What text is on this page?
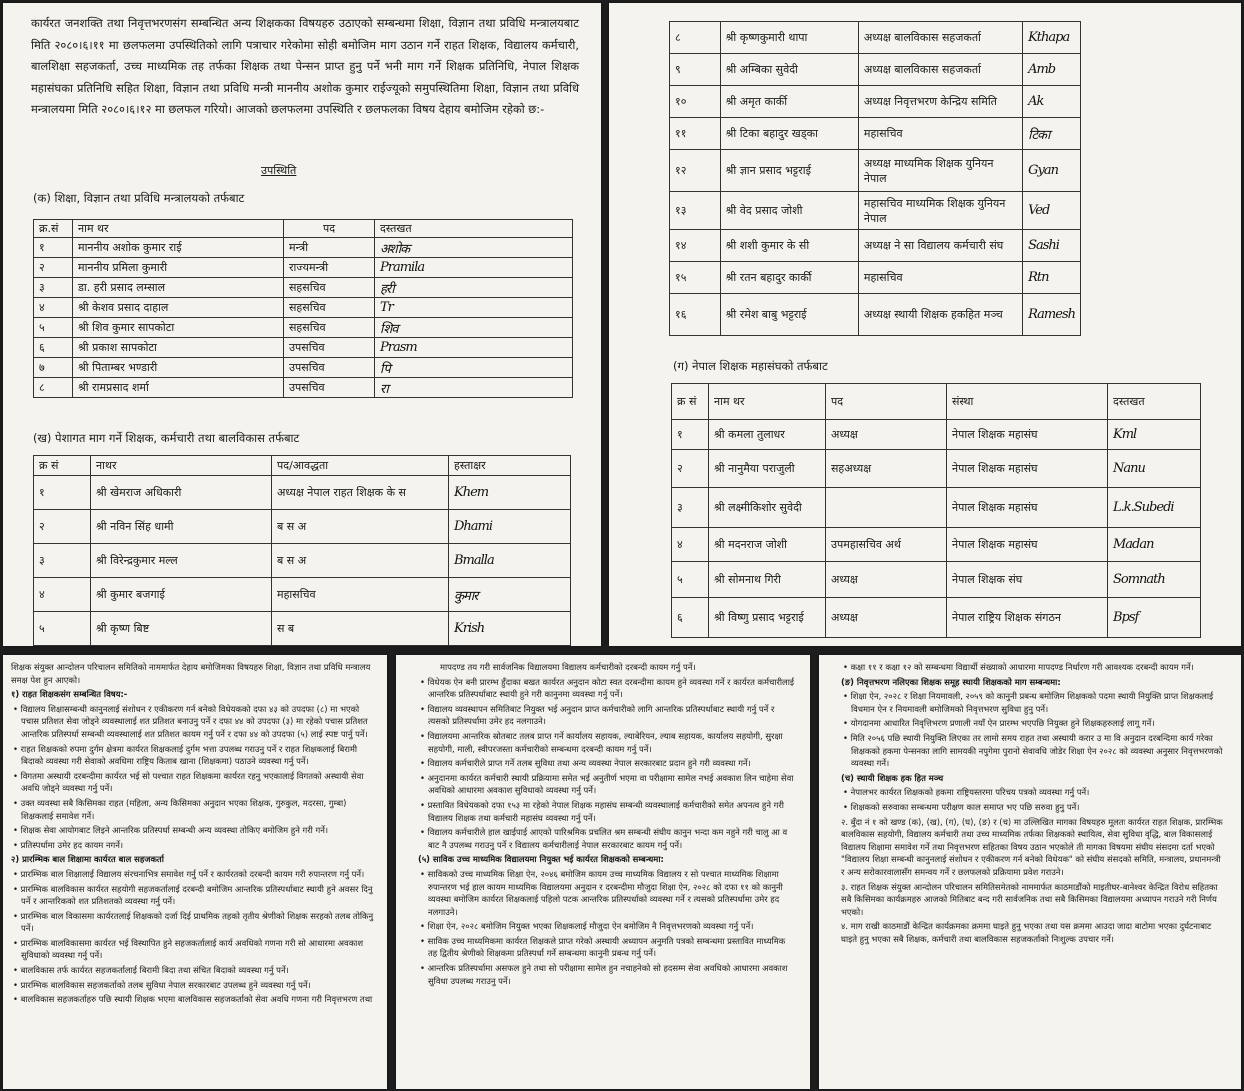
कार्यरत जनशक्ति तथा निवृत्तभरणसंग सम्बन्धित अन्य शिक्षकका विषयहरु उठाएको सम्बन्धमा शिक्षा, विज्ञान तथा प्रविधि मन्त्रालयबाट मिति २०८०।६।११ मा छलफलमा उपस्थितिको लागि पत्राचार गरेकोमा सोही बमोजिम माग उठान गर्ने राहत शिक्षक, विद्यालय कर्मचारी, बालशिक्षा सहजकर्ता, उच्च माध्यमिक तह तर्फका शिक्षक तथा पेन्सन प्राप्त हुनु पर्ने भनी माग गर्ने शिक्षक प्रतिनिधि, नेपाल शिक्षक महासंघका प्रतिनिधि सहित शिक्षा, विज्ञान तथा प्रविधि मन्त्री माननीय अशोक कुमार राईज्यूको समुपस्थितिमा शिक्षा, विज्ञान तथा प्रविधि मन्त्रालयमा मिति २०८०।६।१२ मा छलफल गरियो। आजको छलफलमा उपस्थिति र छलफलका विषय देहाय बमोजिम रहेको छ:-
उपस्थिति
(क) शिक्षा, विज्ञान तथा प्रविधि मन्त्रालयको तर्फबाट
क्र.सं	नाम थर	पद	दस्तखत
१	माननीय अशोक कुमार राई	मन्त्री	अशोक
२	माननीय प्रमिला कुमारी	राज्यमन्त्री	Pramila
३	डा. हरी प्रसाद लम्साल	सहसचिव	हरी
४	श्री केशव प्रसाद दाहाल	सहसचिव	Tr
५	श्री शिव कुमार सापकोटा	सहसचिव	शिव
६	श्री प्रकाश सापकोटा	उपसचिव	Prasm
७	श्री पिताम्बर भण्डारी	उपसचिव	पि
८	श्री रामप्रसाद शर्मा	उपसचिव	रा
(ख) पेशागत माग गर्ने शिक्षक, कर्मचारी तथा बालविकास तर्फबाट
क्र सं	नाथर	पद/आवद्धता	हस्ताक्षर
१	श्री खेमराज अधिकारी	अध्यक्ष नेपाल राहत शिक्षक के स	Khem
२	श्री नविन सिंह धामी	ब स अ	Dhami
३	श्री विरेन्द्रकुमार मल्ल	ब स अ	Bmalla
४	श्री कुमार बजगाई	महासचिव	कुमार
५	श्री कृष्ण बिष्ट	स ब	Krish
८	श्री कृष्णकुमारी थापा	अध्यक्ष बालविकास सहजकर्ता	Kthapa
९	श्री अम्बिका सुवेदी	अध्यक्ष बालविकास सहजकर्ता	Amb
१०	श्री अमृत कार्की	अध्यक्ष निवृत्तभरण केन्द्रिय समिति	Ak
११	श्री टिका बहादुर खड्का	महासचिव	टिका
१२	श्री ज्ञान प्रसाद भट्टराई	अध्यक्ष माध्यमिक शिक्षक युनियन नेपाल	Gyan
१३	श्री वेद प्रसाद जोशी	महासचिव माध्यमिक शिक्षक युनियन नेपाल	Ved
१४	श्री शशी कुमार के सी	अध्यक्ष ने सा विद्यालय कर्मचारी संघ	Sashi
१५	श्री रतन बहादुर कार्की	महासचिव	Rtn
१६	श्री रमेश बाबु भट्टराई	अध्यक्ष स्थायी शिक्षक हकहित मञ्च	Ramesh
(ग) नेपाल शिक्षक महासंघको तर्फबाट
क्र सं	नाम थर	पद	संस्था	दस्तखत
१	श्री कमला तुलाधर	अध्यक्ष	नेपाल शिक्षक महासंघ	Kml
२	श्री नानुमैया पराजुली	सहअध्यक्ष	नेपाल शिक्षक महासंघ	Nanu
३	श्री लक्ष्मीकिशोर सुवेदी		नेपाल शिक्षक महासंघ	L.k.Subedi
४	श्री मदनराज जोशी	उपमहासचिव अर्थ	नेपाल शिक्षक महासंघ	Madan
५	श्री सोमनाथ गिरी	अध्यक्ष	नेपाल शिक्षक संघ	Somnath
६	श्री विष्णु प्रसाद भट्टराई	अध्यक्ष	नेपाल राष्ट्रिय शिक्षक संगठन	Bpsf
शिक्षक संयुक्त आन्दोलन परिचालन समितिको नाममार्फत देहाय बमोजिमका विषयहरु शिक्षा, विज्ञान तथा प्रविधि मन्त्रालय समक्ष पेश हुन आएको।
१) राहत शिक्षकसंग सम्बन्धित विषय:-
• विद्यालय शिक्षासम्बन्धी कानुनलाई संशोधन र एकीकरण गर्न बनेको विधेयकको दफा ४३ को उपदफा (८) मा भएको पचास प्रतिशत सेवा जोड्ने व्यवस्थालाई शत प्रतिशत बनाउनु पर्ने र दफा ४४ को उपदफा (३) मा रहेको पचास प्रतिशत आन्तरिक प्रतिस्पर्धा सम्बन्धी व्यवस्थालाई शत प्रतिशत कायम गर्नु पर्ने र दफा ४४ को उपदफा (५) लाई स्पष्ट पार्नु पर्ने।
• राहत शिक्षकको रुपमा दुर्गम क्षेत्रमा कार्यरत शिक्षकलाई दुर्गम भत्ता उपलब्ध गराउनु पर्ने र राहत शिक्षकलाई बिरामी बिदाको व्यवस्था गरी सेवाको अवधिमा राष्ट्रिय किताब खाना (शिक्षकमा) पठाउने व्यवस्था गर्नु पर्ने।
• विगतमा अस्थायी दरबन्दीमा कार्यरत भई सो पश्चात राहत शिक्षकमा कार्यरत रहनु भएकालाई विगतको अस्थायी सेवा अवधि जोड्ने व्यवस्था गर्नु पर्ने।
• उक्त व्यवस्था सबै किसिमका राहत (महिला, अन्य किसिमका अनुदान भएका शिक्षक, गुरुकुल, मदरसा, गुम्बा) शिक्षकलाई समावेश गर्ने।
• शिक्षक सेवा आयोगबाट लिइने आन्तरिक प्रतिस्पर्धा सम्बन्धी अन्य व्यवस्था तोकिए बमोजिम हुने गरी गर्ने।
• प्रतिस्पर्धामा उमेर हद कायम नगर्ने।
२) प्रारम्भिक बाल शिक्षामा कार्यरत बाल सहजकर्ता
• प्रारम्भिक बाल शिक्षालाई विद्यालय संरचनाभित्र समावेश गर्नु पर्ने र कार्यरतको दरबन्दी कायम गरी रुपान्तरण गर्नु पर्ने।
• प्रारम्भिक बालविकास कार्यरत सहयोगी सहजकर्तालाई दरबन्दी बमोजिम आन्तरिक प्रतिस्पर्धाबाट स्थायी हुने अवसर दिनु पर्ने र आन्तरिकको शत प्रतिशतको व्यवस्था गर्नु पर्ने।
• प्रारम्भिक बाल विकासमा कार्यरतलाई शिक्षकको दर्जा दिई प्राथमिक तहको तृतीय श्रेणीको शिक्षक सरहको तलब तोकिनु पर्ने।
• प्रारम्भिक बालविकासमा कार्यरत भई विस्थापित हुने सहजकर्तालाई कार्य अवधिको गणना गरी सो आधारमा अवकाश सुविधाको व्यवस्था गर्नु पर्ने।
• बालविकास तर्फ कार्यरत सहजकर्तालाई बिरामी बिदा तथा संचित बिदाको व्यवस्था गर्नु पर्ने।
• प्रारम्भिक बालविकास सहजकर्ताको तलब सुविधा नेपाल सरकारबाट उपलब्ध हुने व्यवस्था गर्नु पर्ने।
• बालविकास सहजकर्ताहरु पछि स्थायी शिक्षक भएमा बालविकास सहजकर्ताको सेवा अवधि गणना गरी निवृत्तभरण तथा
मापदण्ड तय गरी सार्वजनिक विद्यालयमा विद्यालय कर्मचारीको दरबन्दी कायम गर्नु पर्ने।
• विधेयक ऐन बनी प्रारम्भ हुँदाका बखत कार्यरत अनुदान कोटा स्वत दरबन्दीमा कायम हुने व्यवस्था गर्ने र कार्यरत कर्मचारीलाई आन्तरिक प्रतिस्पर्धाबाट स्थायी हुने गरी कानुनमा व्यवस्था गर्नु पर्ने।
• विद्यालय व्यवस्थापन समितिबाट नियुक्त भई अनुदान प्राप्त कर्मचारीको लागि आन्तरिक प्रतिस्पर्धाबाट स्थायी गर्नु पर्ने र त्यसको प्रतिस्पर्धामा उमेर हद नलगाउने।
• विद्यालयमा आन्तरिक स्रोतबाट तलब प्राप्त गर्ने कार्यालय सहायक, ल्याबेरियन, ल्याब सहायक, कार्यालय सहयोगी, सुरक्षा सहयोगी, माली, स्वीपरजस्ता कर्मचारीको सम्बन्धमा दरबन्दी कायम गर्नु पर्ने।
• विद्यालय कर्मचारीले प्राप्त गर्ने तलब सुविधा तथा अन्य व्यवस्था नेपाल सरकारबाट प्रदान हुने गरी व्यवस्था गर्ने।
• अनुदानमा कार्यरत कर्मचारी स्थायी प्रक्रियामा समेत भई अनुतीर्ण भएमा वा परीक्षामा सामेल नभई अवकाश लिन चाहेमा सेवा अवधिको आधारमा अवकाश सुविधाको व्यवस्था गर्नु पर्ने।
• प्रस्तावित विधेयकको दफा १५३ मा रहेको नेपाल शिक्षक महासंघ सम्बन्धी व्यवस्थालाई कर्मचारीको समेत अपनत्व हुने गरी विद्यालय शिक्षक तथा कर्मचारी महासंघ व्यवस्था गर्नु पर्ने।
• विद्यालय कर्मचारीले हाल खाईपाई आएको पारिश्रमिक प्रचलित श्रम सम्बन्धी संघीय कानुन भन्दा कम नहुने गरी चालु आ व बाट नै उपलब्ध गराउनु पर्ने र विद्यालय कर्मचारीलाई नेपाल सरकारबाट कायम गर्नु पर्ने।
(५) साविक उच्च माध्यमिक विद्यालयमा नियुक्त भई कार्यरत शिक्षकको सम्बन्धमा:
• साविकको उच्च माध्यमिक शिक्षा ऐन, २०४६ बमोजिम कायम उच्च माध्यमिक विद्यालय र सो पश्चात माध्यमिक शिक्षामा रुपान्तरण भई हाल कायम माध्यमिक विद्यालयमा अनुदान र दरबन्दीमा मौजुदा शिक्षा ऐन, २०२८ को दफा ११ को कानुनी व्यवस्था बमोजिम कार्यरत शिक्षकलाई पहिलो पटक आन्तरिक प्रतिस्पर्धाको व्यवस्था गर्ने र त्यसको प्रतिस्पर्धामा उमेर हद नलगाउने।
• शिक्षा ऐन, २०२८ बमोजिम नियुक्त भएका शिक्षकलाई मौजुदा ऐन बमोजिम नै निवृत्तभरणको व्यवस्था गर्नु पर्ने।
• साविक उच्च माध्यमिकमा कार्यरत शिक्षकले प्राप्त गरेको अस्थायी अध्यापन अनुमति पत्रको सम्बन्धमा प्रस्तावित माध्यमिक तह द्वितीय श्रेणीको शिक्षकमा प्रतिस्पर्धा गर्ने सम्बन्धमा कानुनी प्रबन्ध गर्नु पर्ने।
• आन्तरिक प्रतिस्पर्धामा असफल हुने तथा सो परीक्षामा सामेल हुन नचाहनेको सो हदसम्म सेवा अवधिको आधारमा अवकाश सुविधा उपलब्ध गराउनु पर्ने।
• कक्षा ११ र कक्षा १२ को सम्बन्धमा विद्यार्थी संख्याको आधारमा मापदण्ड निर्धारण गरी आवश्यक दरबन्दी कायम गर्ने।
(ङ) निवृत्तभरण नलिएका शिक्षक समूह स्थायी शिक्षकको माग सम्बन्धमा:
• शिक्षा ऐन, २०२८ र शिक्षा नियमावली, २०५९ को कानुनी प्रबन्ध बमोजिम शिक्षकको पदमा स्थायी नियुक्ति प्राप्त शिक्षकलाई विधमान ऐन र नियमावली बमोजिमको निवृत्तभरण सुविधा हुनु पर्ने।
• योगदानमा आधारित निवृत्तिभरण प्रणाली नयाँ ऐन प्रारम्भ भएपछि नियुक्त हुने शिक्षकहरुलाई लागू गर्ने।
• मिति २०५६ पछि स्थायी नियुक्ति लिएका तर लामो समय राहत तथा अस्थायी करार उ मा वि अनुदान दरबन्दिमा कार्य गरेका शिक्षकको हकमा पेन्सनका लागि सामयकी नपुगेमा पुरानो सेवावधि जोडेर शिक्षा ऐन २०२८ को व्यवस्था अनुसार निवृत्तभरणको व्यवस्था गर्ने।
(च) स्थायी शिक्षक हक हित मञ्च
• नेपालभर कार्यरत शिक्षकको हकमा राष्ट्रियस्तरमा परिचय पत्रको व्यवस्था गर्नु पर्ने।
• शिक्षकको सरुवाका सम्बन्धमा परीक्षण काल समाप्त भए पछि सरुवा हुनु पर्ने।
२. बुँदा नं १ को खण्ड (क), (ख), (ग), (घ), (ङ) र (च) मा उल्लिखित मागका विषयहरु मूलतः कार्यरत राहत शिक्षक, प्रारम्भिक बालविकास सहयोगी, विद्यालय कर्मचारी तथा उच्च माध्यमिक तर्फका शिक्षकको स्थायित्व, सेवा सुविधा वृद्धि, बाल विकासलाई विद्यालय शिक्षामा समावेश गर्ने तथा निवृत्तभरण सहितका विषय उठान भएकोले ती मागका विषयमा संघीय संसदमा दर्ता भएको "विद्यालय शिक्षा सम्बन्धी कानुनलाई संशोधन र एकीकरण गर्न बनेको विधेयक" को संघीय संसदको समिति, मन्त्रालय, प्रधानमन्त्री र अन्य सरोकारवालासँग समन्वय गर्ने र छलफलको प्रक्रियामा प्रवेश गराउने।
३. राहत शिक्षक संयुक्त आन्दोलन परिचालन समितिसमेतको नाममार्फत काठमाडौंको माइतीघर-बानेश्वर केन्द्रित विरोध सहितका सबै किसिमका कार्यक्रमहरु आजको मितिबाट बन्द गरी सार्वजनिक तथा सबै किसिमका विद्यालयमा अध्यापन गराउने गरी निर्णय भएको।
४. माग राखी काठमाडौं केन्द्रित कार्यक्रमका क्रममा घाइते हुनु भएका तथा यस क्रममा आउदा जादा बाटोमा भएका दुर्घटनाबाट घाइते हुनु भएका सबै शिक्षक, कर्मचारी तथा बालविकास सहजकर्ताको निःशुल्क उपचार गर्ने।
